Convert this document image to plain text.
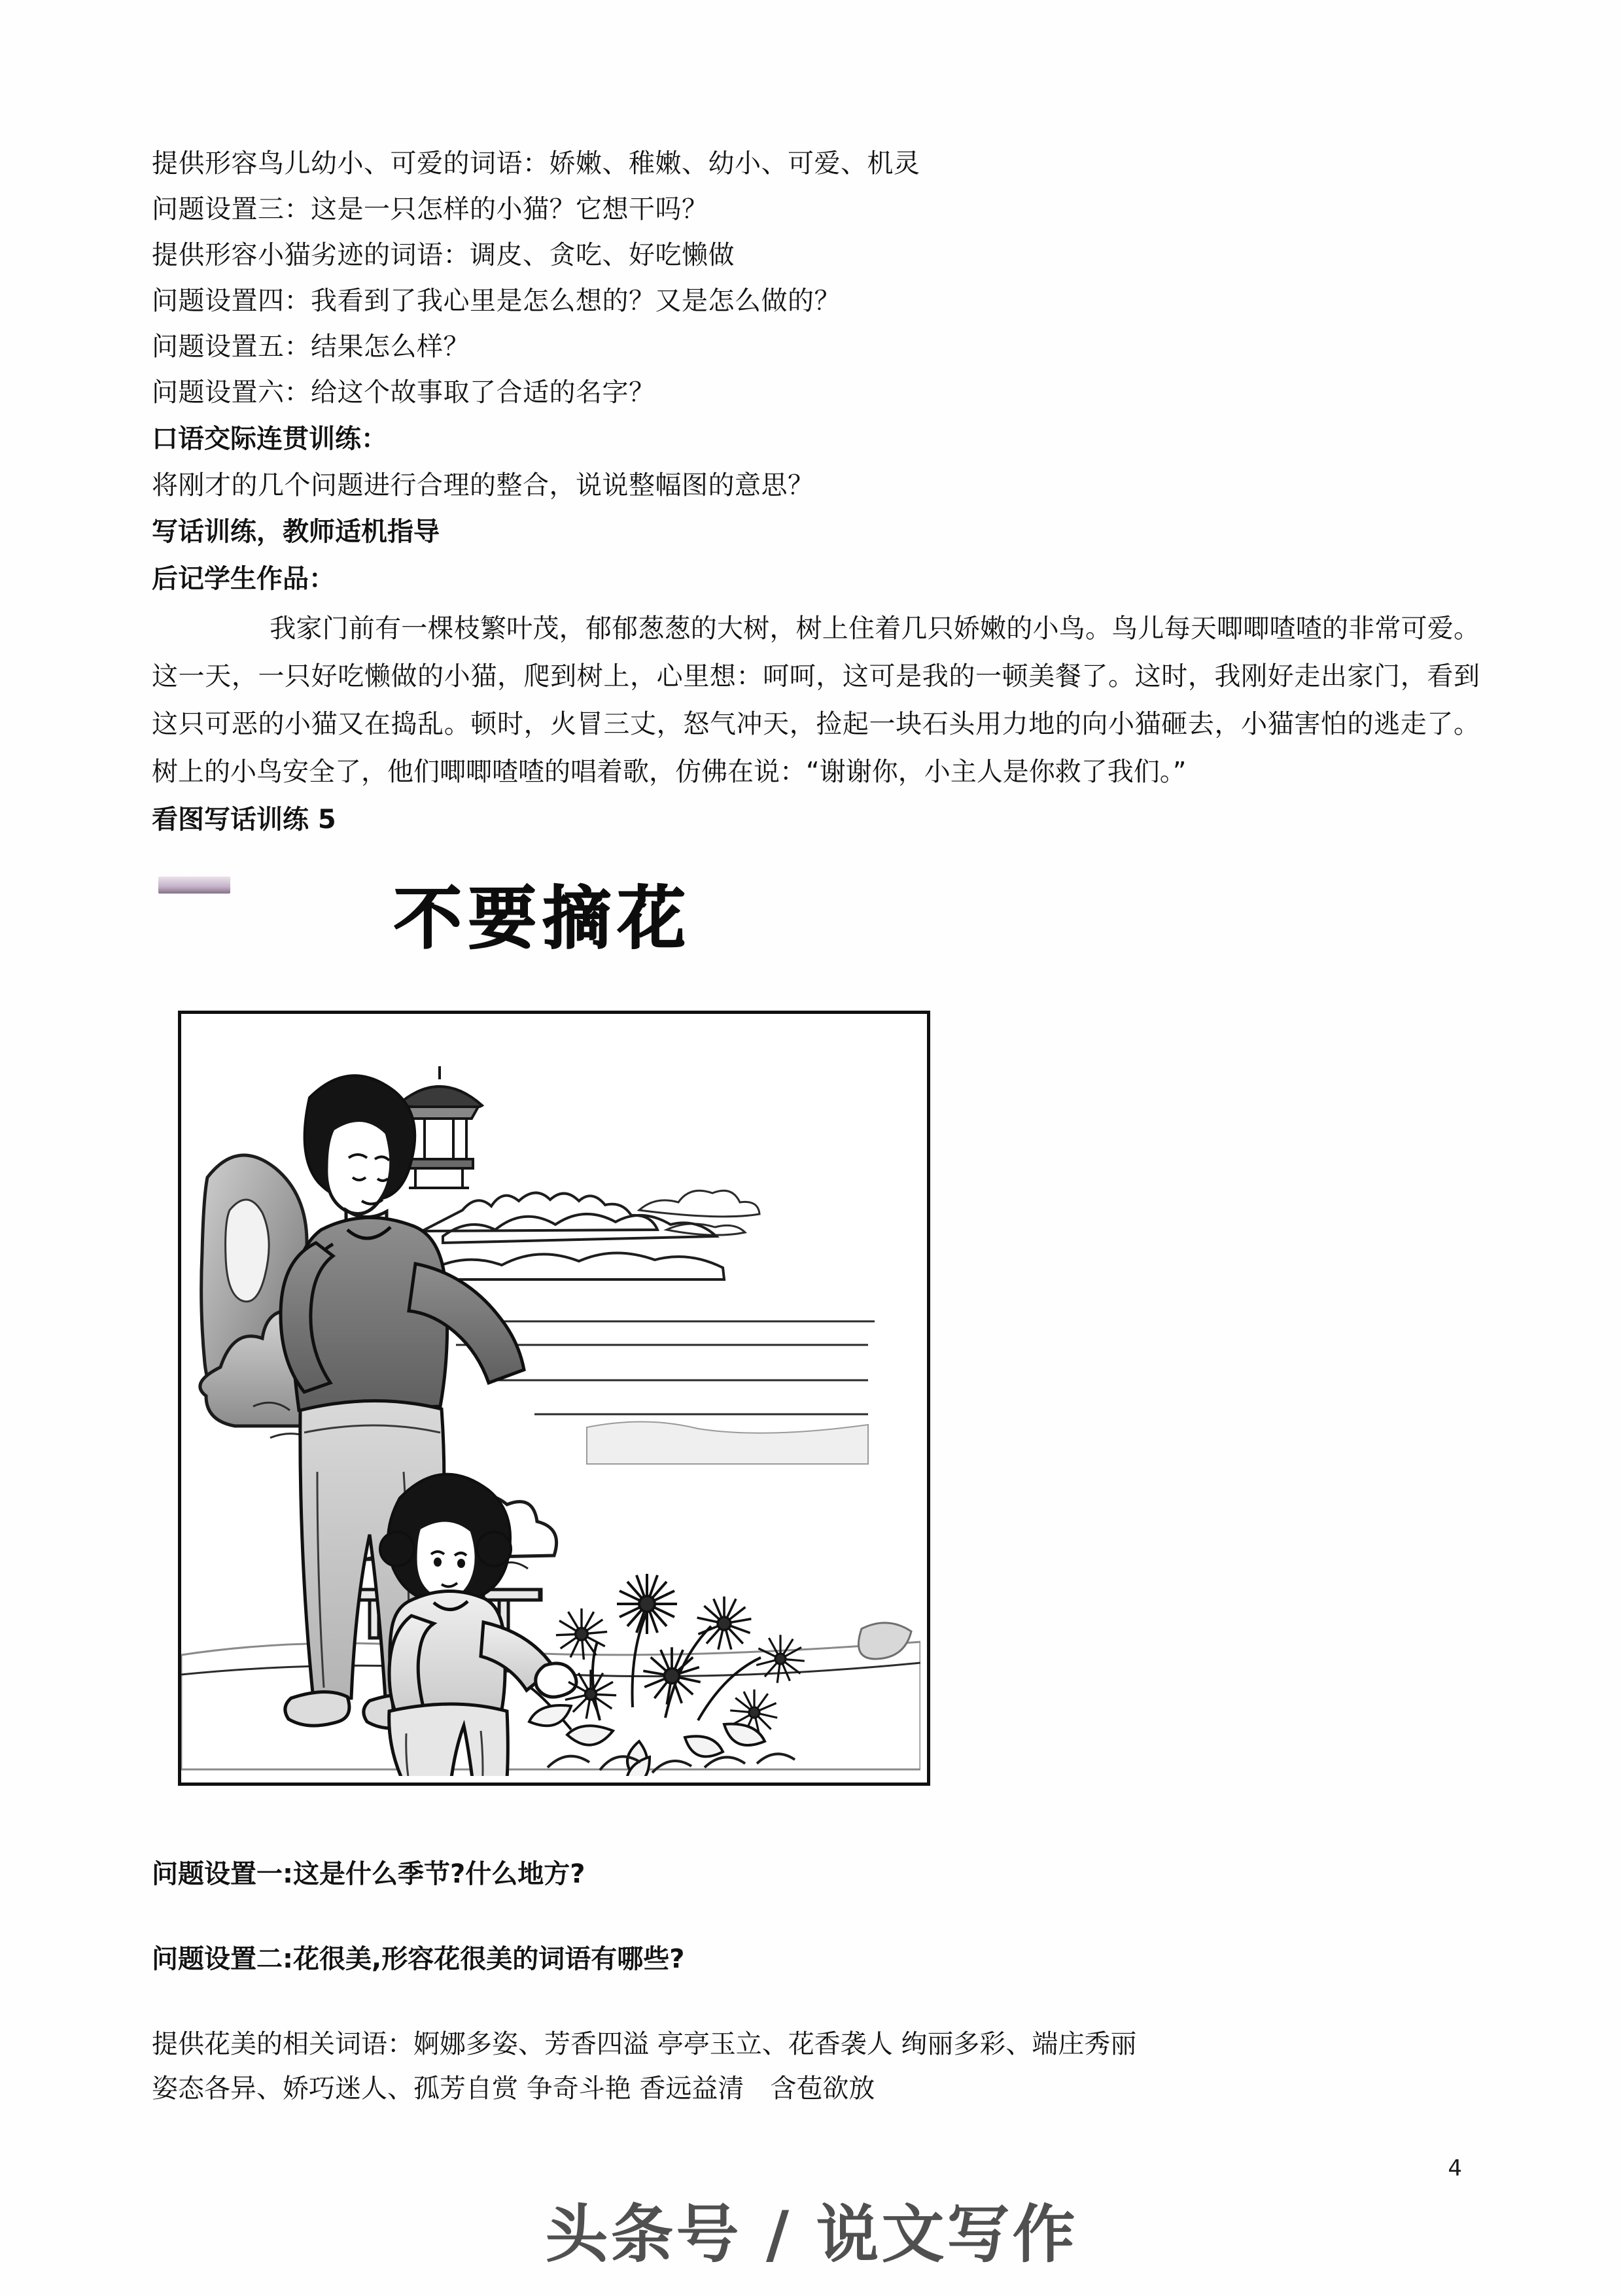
提供形容鸟儿幼小、可爱的词语：娇嫩、稚嫩、幼小、可爱、机灵
问题设置三：这是一只怎样的小猫？它想干吗？
提供形容小猫劣迹的词语：调皮、贪吃、好吃懒做
问题设置四：我看到了我心里是怎么想的？又是怎么做的？
问题设置五：结果怎么样？
问题设置六：给这个故事取了合适的名字？
口语交际连贯训练：
将刚才的几个问题进行合理的整合，说说整幅图的意思？
写话训练，教师适机指导
后记学生作品：
我家门前有一棵枝繁叶茂，郁郁葱葱的大树，树上住着几只娇嫩的小鸟。鸟儿每天唧唧喳喳的非常可爱。这一天，一只好吃懒做的小猫，爬到树上，心里想：呵呵，这可是我的一顿美餐了。这时，我刚好走出家门，看到这只可恶的小猫又在捣乱。顿时，火冒三丈，怒气冲天，捡起一块石头用力地的向小猫砸去，小猫害怕的逃走了。树上的小鸟安全了，他们唧唧喳喳的唱着歌，仿佛在说：“谢谢你，小主人是你救了我们。”
看图写话训练 5
不要摘花
问题设置一:这是什么季节?什么地方?
问题设置二:花很美,形容花很美的词语有哪些?
提供花美的相关词语：婀娜多姿、芳香四溢 亭亭玉立、花香袭人 绚丽多彩、端庄秀丽
姿态各异、娇巧迷人、孤芳自赏 争奇斗艳 香远益清　含苞欲放
4
头条号 / 说文写作
